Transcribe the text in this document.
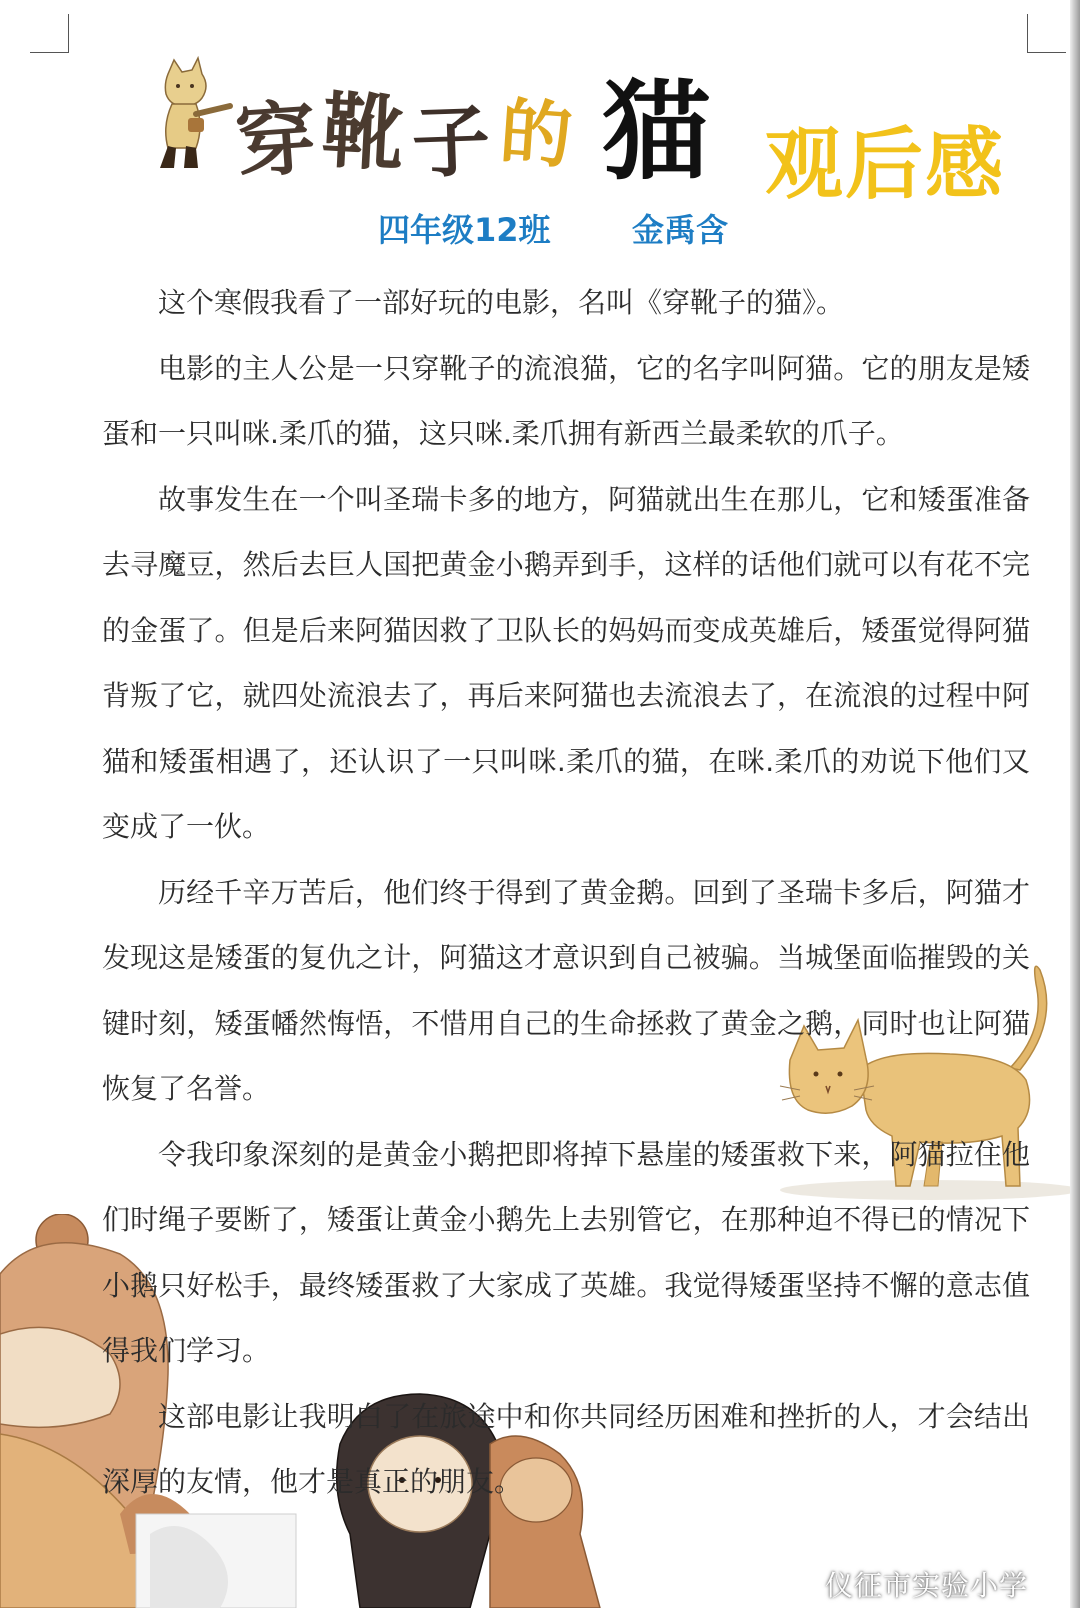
穿 靴 子 的 猫 观后感
四年级12班	金禹含

这个寒假我看了一部好玩的电影，名叫《穿靴子的猫》。

电影的主人公是一只穿靴子的流浪猫，它的名字叫阿猫。它的朋友是矮蛋和一只叫咪.柔爪的猫，这只咪.柔爪拥有新西兰最柔软的爪子。

故事发生在一个叫圣瑞卡多的地方，阿猫就出生在那儿，它和矮蛋准备去寻魔豆，然后去巨人国把黄金小鹅弄到手，这样的话他们就可以有花不完的金蛋了。但是后来阿猫因救了卫队长的妈妈而变成英雄后，矮蛋觉得阿猫背叛了它，就四处流浪去了，再后来阿猫也去流浪去了，在流浪的过程中阿猫和矮蛋相遇了，还认识了一只叫咪.柔爪的猫，在咪.柔爪的劝说下他们又变成了一伙。

历经千辛万苦后，他们终于得到了黄金鹅。回到了圣瑞卡多后，阿猫才发现这是矮蛋的复仇之计，阿猫这才意识到自己被骗。当城堡面临摧毁的关键时刻，矮蛋幡然悔悟，不惜用自己的生命拯救了黄金之鹅，同时也让阿猫恢复了名誉。

令我印象深刻的是黄金小鹅把即将掉下悬崖的矮蛋救下来，阿猫拉住他们时绳子要断了，矮蛋让黄金小鹅先上去别管它，在那种迫不得已的情况下小鹅只好松手，最终矮蛋救了大家成了英雄。我觉得矮蛋坚持不懈的意志值得我们学习。

这部电影让我明白了在旅途中和你共同经历困难和挫折的人，才会结出深厚的友情，他才是真正的朋友。

仪征市实验小学
